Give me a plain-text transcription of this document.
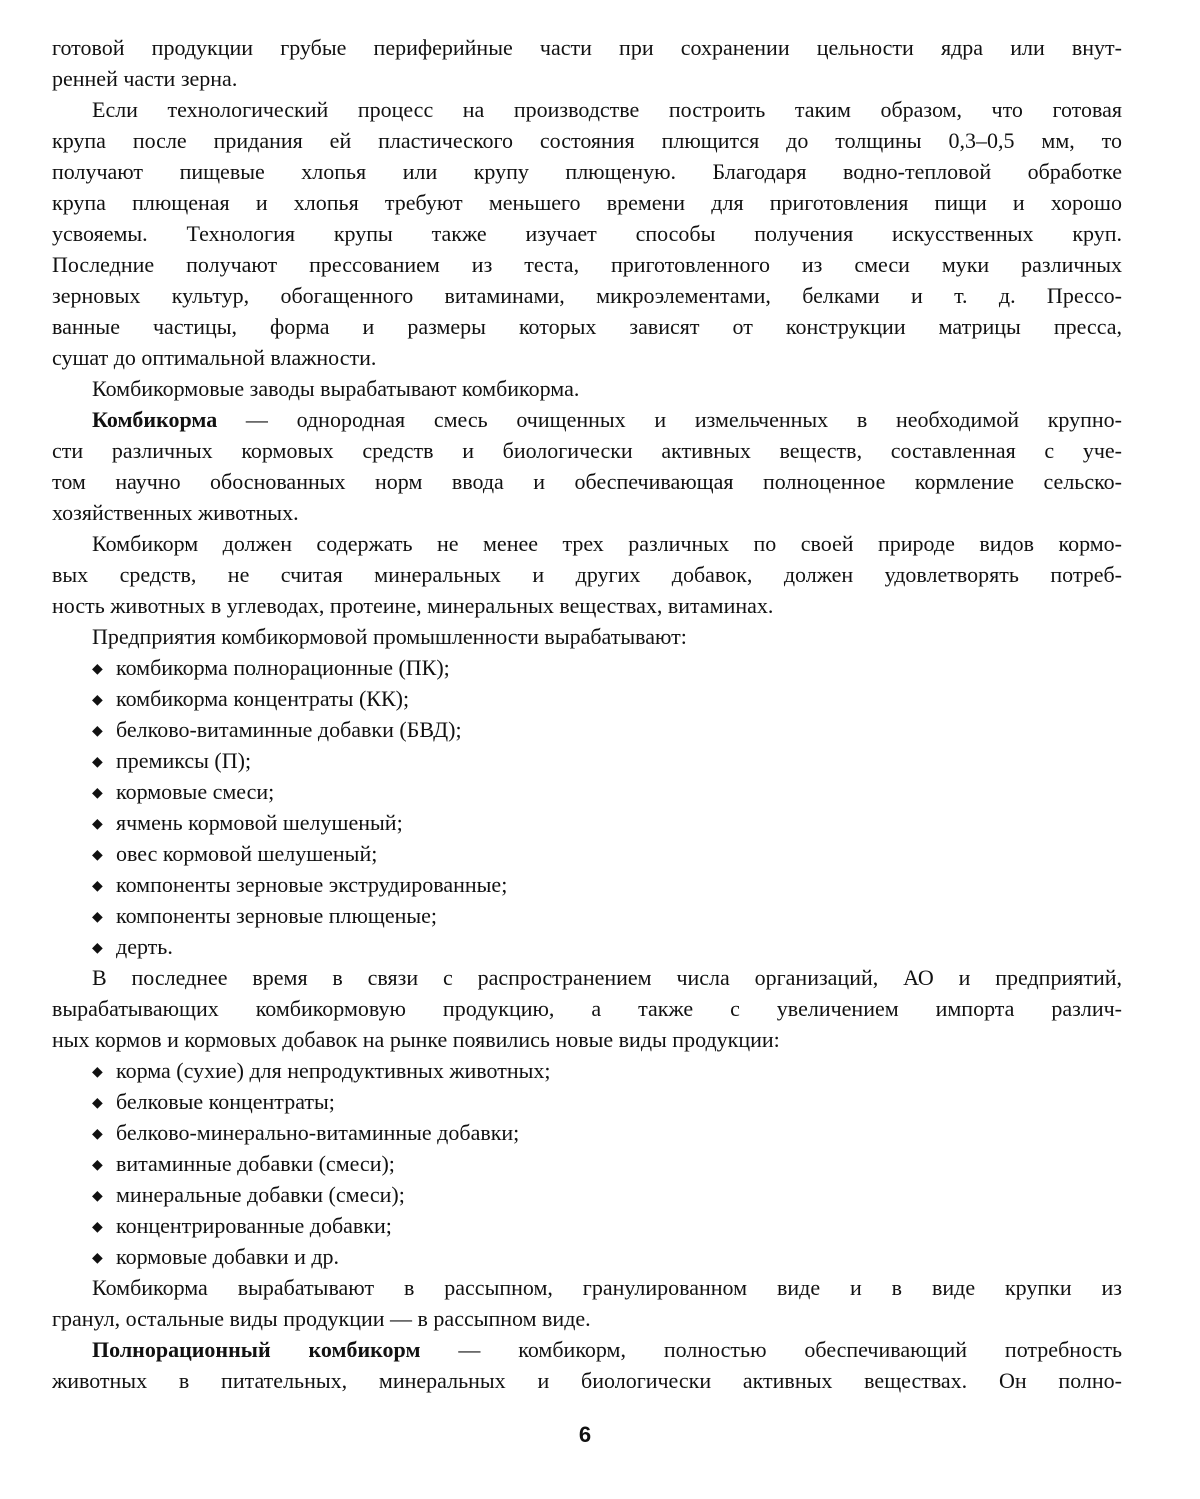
готовой продукции грубые периферийные части при сохранении цельности ядра или внут-
ренней части зерна.
Если технологический процесс на производстве построить таким образом, что готовая
крупа после придания ей пластического состояния плющится до толщины 0,3–0,5 мм, то
получают пищевые хлопья или крупу плющеную. Благодаря водно-тепловой обработке
крупа плющеная и хлопья требуют меньшего времени для приготовления пищи и хорошо
усвояемы. Технология крупы также изучает способы получения искусственных круп.
Последние получают прессованием из теста, приготовленного из смеси муки различных
зерновых культур, обогащенного витаминами, микроэлементами, белками и т. д. Прессо-
ванные частицы, форма и размеры которых зависят от конструкции матрицы пресса,
сушат до оптимальной влажности.
Комбикормовые заводы вырабатывают комбикорма.
Комбикорма — однородная смесь очищенных и измельченных в необходимой крупно-
сти различных кормовых средств и биологически активных веществ, составленная с уче-
том научно обоснованных норм ввода и обеспечивающая полноценное кормление сельско-
хозяйственных животных.
Комбикорм должен содержать не менее трех различных по своей природе видов кормо-
вых средств, не считая минеральных и других добавок, должен удовлетворять потреб-
ность животных в углеводах, протеине, минеральных веществах, витаминах.
Предприятия комбикормовой промышленности вырабатывают:
◆ комбикорма полнорационные (ПК);
◆ комбикорма концентраты (КК);
◆ белково-витаминные добавки (БВД);
◆ премиксы (П);
◆ кормовые смеси;
◆ ячмень кормовой шелушеный;
◆ овес кормовой шелушеный;
◆ компоненты зерновые экструдированные;
◆ компоненты зерновые плющеные;
◆ дерть.
В последнее время в связи с распространением числа организаций, АО и предприятий,
вырабатывающих комбикормовую продукцию, а также с увеличением импорта различ-
ных кормов и кормовых добавок на рынке появились новые виды продукции:
◆ корма (сухие) для непродуктивных животных;
◆ белковые концентраты;
◆ белково-минерально-витаминные добавки;
◆ витаминные добавки (смеси);
◆ минеральные добавки (смеси);
◆ концентрированные добавки;
◆ кормовые добавки и др.
Комбикорма вырабатывают в рассыпном, гранулированном виде и в виде крупки из
гранул, остальные виды продукции — в рассыпном виде.
Полнорационный комбикорм — комбикорм, полностью обеспечивающий потребность
животных в питательных, минеральных и биологически активных веществах. Он полно-
6
